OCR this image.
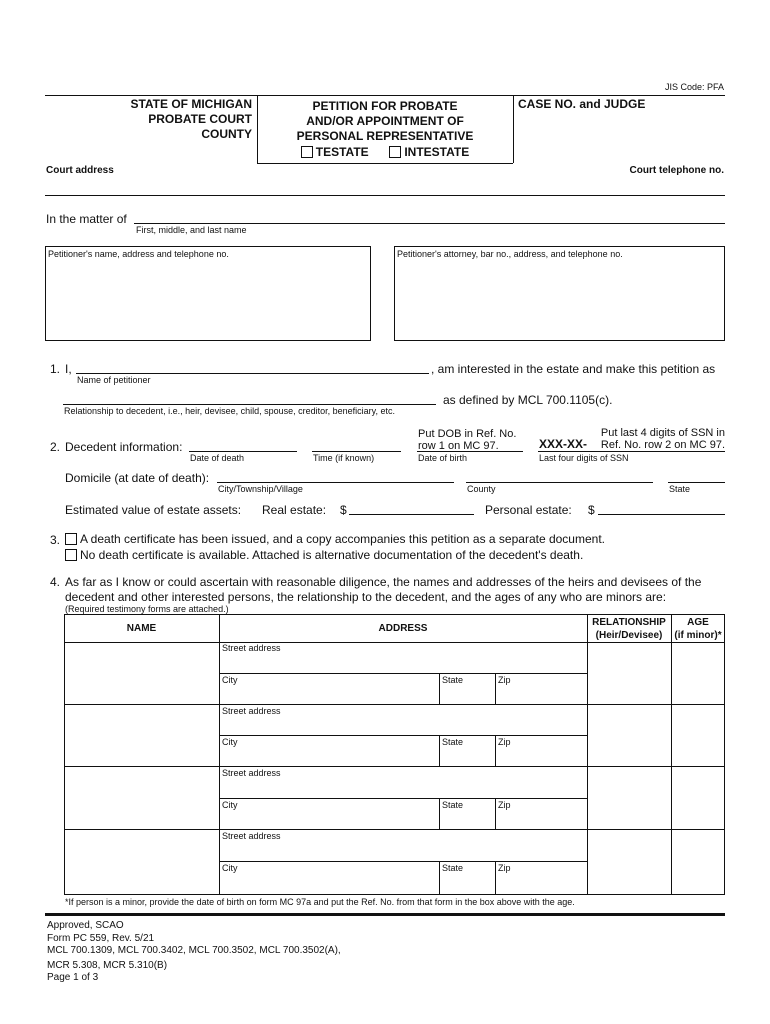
JIS Code: PFA
STATE OF MICHIGAN
PROBATE COURT
COUNTY
PETITION FOR PROBATE
AND/OR APPOINTMENT OF
PERSONAL REPRESENTATIVE
TESTATE	INTESTATE
CASE NO. and JUDGE
Court address	Court telephone no.
In the matter of
First, middle, and last name
Petitioner's name, address and telephone no.	Petitioner's attorney, bar no., address, and telephone no.
1. I,	, am interested in the estate and make this petition as
Name of petitioner
as defined by MCL 700.1105(c).
Relationship to decedent, i.e., heir, devisee, child, spouse, creditor, beneficiary, etc.
Put DOB in Ref. No.
row 1 on MC 97.
Put last 4 digits of SSN in
Ref. No. row 2 on MC 97.
XXX-XX-
2. Decedent information:
Date of death	Time (if known)	Date of birth	Last four digits of SSN
Domicile (at date of death):
City/Township/Village	County	State
Estimated value of estate assets: Real estate: $	Personal estate: $
3.	A death certificate has been issued, and a copy accompanies this petition as a separate document.
No death certificate is available. Attached is alternative documentation of the decedent's death.
4. As far as I know or could ascertain with reasonable diligence, the names and addresses of the heirs and devisees of the
decedent and other interested persons, the relationship to the decedent, and the ages of any who are minors are:
(Required testimony forms are attached.)
NAME	ADDRESS
RELATIONSHIP
(Heir/Devisee)
AGE
(if minor)*
Street address
City	State	Zip
Street address
City	State	Zip
Street address
City	State	Zip
Street address
City	State	Zip
*If person is a minor, provide the date of birth on form MC 97a and put the Ref. No. from that form in the box above with the age.
Approved, SCAO
Form PC 559, Rev. 5/21
MCL 700.1309, MCL 700.3402, MCL 700.3502, MCL 700.3502(A),
MCR 5.308, MCR 5.310(B)
Page 1 of 3
